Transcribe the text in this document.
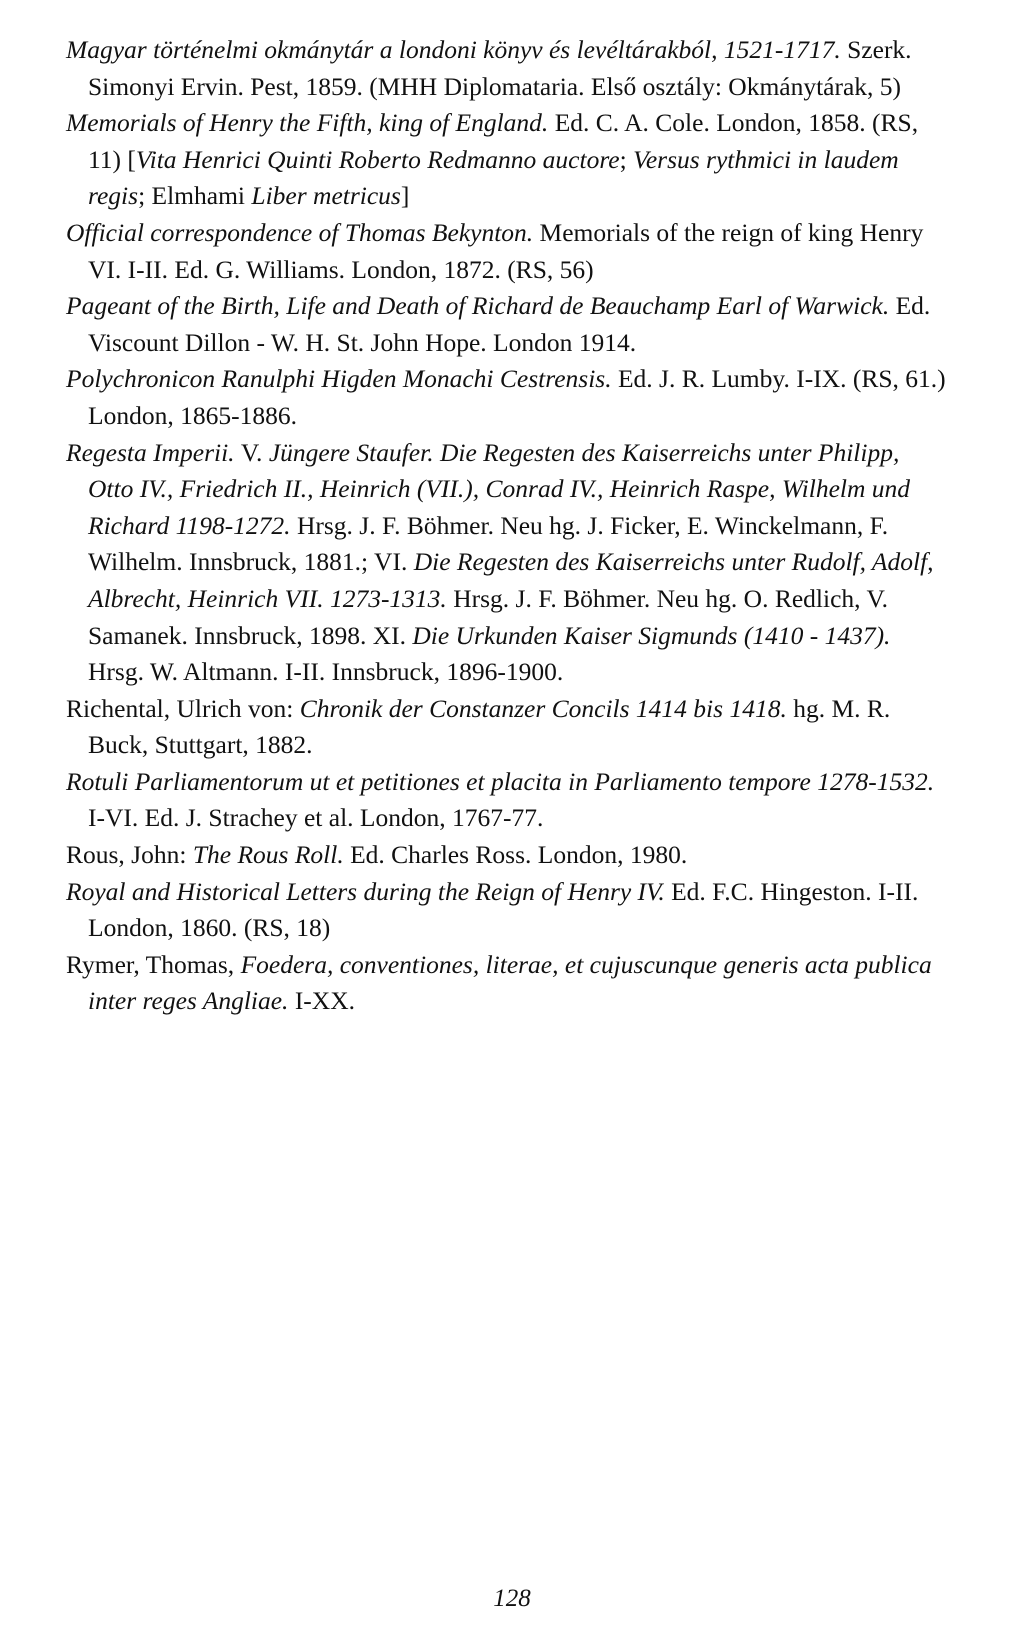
Magyar történelmi okmánytár a londoni könyv és levéltárakból, 1521-1717. Szerk. Simonyi Ervin. Pest, 1859. (MHH Diplomataria. Első osztály: Okmánytárak, 5)

Memorials of Henry the Fifth, king of England. Ed. C. A. Cole. London, 1858. (RS, 11) [Vita Henrici Quinti Roberto Redmanno auctore; Versus rythmici in laudem regis; Elmhami Liber metricus]

Official correspondence of Thomas Bekynton. Memorials of the reign of king Henry VI. I-II. Ed. G. Williams. London, 1872. (RS, 56)

Pageant of the Birth, Life and Death of Richard de Beauchamp Earl of Warwick. Ed. Viscount Dillon - W. H. St. John Hope. London 1914.

Polychronicon Ranulphi Higden Monachi Cestrensis. Ed. J. R. Lumby. I-IX. (RS, 61.) London, 1865-1886.

Regesta Imperii. V. Jüngere Staufer. Die Regesten des Kaiserreichs unter Philipp, Otto IV., Friedrich II., Heinrich (VII.), Conrad IV., Heinrich Raspe, Wilhelm und Richard 1198-1272. Hrsg. J. F. Böhmer. Neu hg. J. Ficker, E. Winckelmann, F. Wilhelm. Innsbruck, 1881.; VI. Die Regesten des Kaiserreichs unter Rudolf, Adolf, Albrecht, Heinrich VII. 1273-1313. Hrsg. J. F. Böhmer. Neu hg. O. Redlich, V. Samanek. Innsbruck, 1898. XI. Die Urkunden Kaiser Sigmunds (1410 - 1437). Hrsg. W. Altmann. I-II. Innsbruck, 1896-1900.

Richental, Ulrich von: Chronik der Constanzer Concils 1414 bis 1418. hg. M. R. Buck, Stuttgart, 1882.

Rotuli Parliamentorum ut et petitiones et placita in Parliamento tempore 1278-1532. I-VI. Ed. J. Strachey et al. London, 1767-77.

Rous, John: The Rous Roll. Ed. Charles Ross. London, 1980.

Royal and Historical Letters during the Reign of Henry IV. Ed. F.C. Hingeston. I-II. London, 1860. (RS, 18)

Rymer, Thomas, Foedera, conventiones, literae, et cujuscunque generis acta publica inter reges Angliae. I-XX.

128
